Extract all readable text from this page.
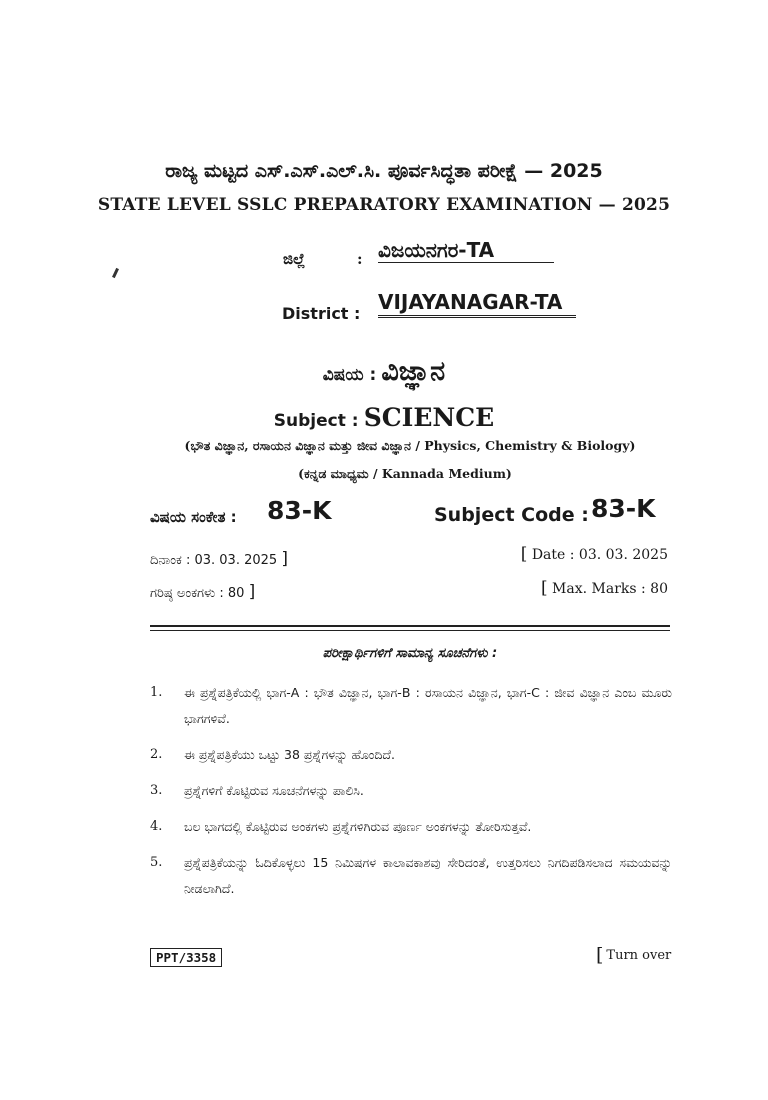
ರಾಜ್ಯ ಮಟ್ಟದ ಎಸ್.ಎಸ್.ಎಲ್.ಸಿ. ಪೂರ್ವಸಿದ್ಧತಾ ಪರೀಕ್ಷೆ — 2025
STATE LEVEL SSLC PREPARATORY EXAMINATION — 2025
ಜಿಲ್ಲೆ	: ವಿಜಯನಗರ-TA
District : VIJAYANAGAR-TA
ವಿಷಯ : ವಿಜ್ಞಾನ
Subject : SCIENCE
(ಭೌತ ವಿಜ್ಞಾನ, ರಸಾಯನ ವಿಜ್ಞಾನ ಮತ್ತು ಜೀವ ವಿಜ್ಞಾನ / Physics, Chemistry & Biology)
(ಕನ್ನಡ ಮಾಧ್ಯಮ / Kannada Medium)
ವಿಷಯ ಸಂಕೇತ : 83-K	Subject Code : 83-K
ದಿನಾಂಕ : 03. 03. 2025 ]
ಗರಿಷ್ಠ ಅಂಕಗಳು : 80 ]
[ Date : 03. 03. 2025
[ Max. Marks : 80
ಪರೀಕ್ಷಾರ್ಥಿಗಳಿಗೆ ಸಾಮಾನ್ಯ ಸೂಚನೆಗಳು :
1.	ಈ ಪ್ರಶ್ನೆಪತ್ರಿಕೆಯಲ್ಲಿ ಭಾಗ-A : ಭೌತ ವಿಜ್ಞಾನ, ಭಾಗ-B : ರಸಾಯನ ವಿಜ್ಞಾನ, ಭಾಗ-C : ಜೀವ ವಿಜ್ಞಾನ ಎಂಬ ಮೂರು ಭಾಗಗಳಿವೆ.
2.	ಈ ಪ್ರಶ್ನೆಪತ್ರಿಕೆಯು ಒಟ್ಟು 38 ಪ್ರಶ್ನೆಗಳನ್ನು ಹೊಂದಿದೆ.
3.	ಪ್ರಶ್ನೆಗಳಿಗೆ ಕೊಟ್ಟಿರುವ ಸೂಚನೆಗಳನ್ನು ಪಾಲಿಸಿ.
4.	ಬಲ ಭಾಗದಲ್ಲಿ ಕೊಟ್ಟಿರುವ ಅಂಕಗಳು ಪ್ರಶ್ನೆಗಳಿಗಿರುವ ಪೂರ್ಣ ಅಂಕಗಳನ್ನು ತೋರಿಸುತ್ತವೆ.
5.	ಪ್ರಶ್ನೆಪತ್ರಿಕೆಯನ್ನು ಓದಿಕೊಳ್ಳಲು 15 ನಿಮಿಷಗಳ ಕಾಲಾವಕಾಶವು ಸೇರಿದಂತೆ, ಉತ್ತರಿಸಲು ನಿಗದಿಪಡಿಸಲಾದ ಸಮಯವನ್ನು ನೀಡಲಾಗಿದೆ.
PPT/3358	[ Turn over
